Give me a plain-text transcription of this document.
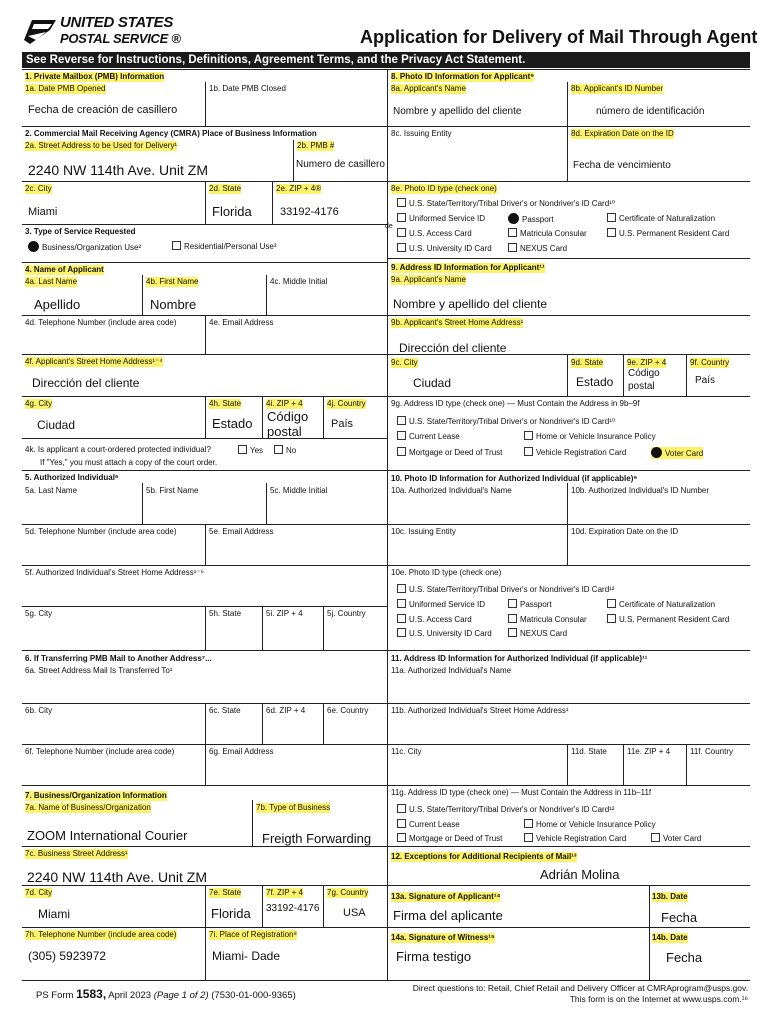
UNITED STATES
POSTAL SERVICE ®	Application for Delivery of Mail Through Agent
See Reverse for Instructions, Definitions, Agreement Terms, and the Privacy Act Statement.
1. Private Mailbox (PMB) Information
1a. Date PMB Opened
Fecha de creación de casillero
1b. Date PMB Closed
2. Commercial Mail Receiving Agency (CMRA) Place of Business Information
2a. Street Address to be Used for Delivery¹
2240 NW 114th Ave. Unit ZM
2b. PMB #
Numero de casillero
2c. City
Miami
2d. State
Florida
2e. ZIP + 4®
33192-4176
3. Type of Service Requested
Business/Organization Use²	Residential/Personal Use³
4. Name of Applicant
4a. Last Name
Apellido
4b. First Name
Nombre
4c. Middle Initial
4d. Telephone Number (include area code)	4e. Email Address
4f. Applicant's Street Home Address¹⁻⁴
Dirección del cliente
4g. City
Ciudad
4h. State
Estado
4i. ZIP + 4
Código
postal
4j. Country
País
4k. Is applicant a court-ordered protected individual?	Yes	No
If "Yes," you must attach a copy of the court order.
5. Authorized Individual⁶
5a. Last Name	5b. First Name	5c. Middle Initial
5d. Telephone Number (include area code)	5e. Email Address
5f. Authorized Individual's Street Home Address¹⁻⁶
5g. City	5h. State	5i. ZIP + 4	5j. Country
6. If Transferring PMB Mail to Another Address⁷...
6a. Street Address Mail Is Transferred To¹
6b. City	6c. State	6d. ZIP + 4	6e. Country
6f. Telephone Number (include area code)	6g. Email Address
7. Business/Organization Information
7a. Name of Business/Organization
ZOOM International Courier
7b. Type of Business
Freigth Forwarding
7c. Business Street Address¹
2240 NW 114th Ave. Unit ZM
7d. City
Miami
7e. State
Florida
7f. ZIP + 4
33192-4176
7g. Country
USA
7h. Telephone Number (include area code)
(305) 5923972
7i. Place of Registration⁸
Miami- Dade
8. Photo ID Information for Applicant⁹
8a. Applicant's Name
Nombre y apellido del cliente
8b. Applicant's ID Number
número de identificación
8c. Issuing Entity	8d. Expiration Date on the ID
Fecha de vencimiento
8e. Photo ID type (check one)
U.S. State/Territory/Tribal Driver's or Nondriver's ID Card¹⁰
Uniformed Service ID	Passport	Certificate of Naturalization
de
U.S. Access Card	Matricula Consular	U.S. Permanent Resident Card
U.S. University ID Card	NEXUS Card
9. Address ID Information for Applicant¹¹
9a. Applicant's Name
Nombre y apellido del cliente
9b. Applicant's Street Home Address¹
Dirección del cliente
9c. City
Ciudad
9d. State
Estado
9e. ZIP + 4
Código
postal
9f. Country
País
9g. Address ID type (check one) — Must Contain the Address in 9b–9f
U.S. State/Territory/Tribal Driver's or Nondriver's ID Card¹⁰
Current Lease	Home or Vehicle Insurance Policy
Mortgage or Deed of Trust	Vehicle Registration Card	Voter Card
10. Photo ID Information for Authorized Individual (if applicable)⁹
10a. Authorized Individual's Name	10b. Authorized Individual's ID Number
10c. Issuing Entity	10d. Expiration Date on the ID
10e. Photo ID type (check one)
U.S. State/Territory/Tribal Driver's or Nondriver's ID Card¹²
Uniformed Service ID	Passport	Certificate of Naturalization
U.S. Access Card	Matricula Consular	U.S. Permanent Resident Card
U.S. University ID Card	NEXUS Card
11. Address ID Information for Authorized Individual (if applicable)¹¹
11a. Authorized Individual's Name
11b. Authorized Individual's Street Home Address¹
11c. City	11d. State	11e. ZIP + 4 11f. Country
11g. Address ID type (check one) — Must Contain the Address in 11b–11f
U.S. State/Territory/Tribal Driver's or Nondriver's ID Card¹²
Current Lease	Home or Vehicle Insurance Policy
Mortgage or Deed of Trust	Vehicle Registration Card	Voter Card
12. Exceptions for Additional Recipients of Mail¹³
Adrián Molina
13a. Signature of Applicant¹⁴
Firma del aplicante
13b. Date
Fecha
14a. Signature of Witness¹⁵
Firma testigo
14b. Date
Fecha
PS Form 1583, April 2023 (Page 1 of 2) (7530-01-000-9365)
Direct questions to: Retail, Chief Retail and Delivery Officer at CMRAprogram@usps.gov.
This form is on the Internet at www.usps.com.¹⁶
